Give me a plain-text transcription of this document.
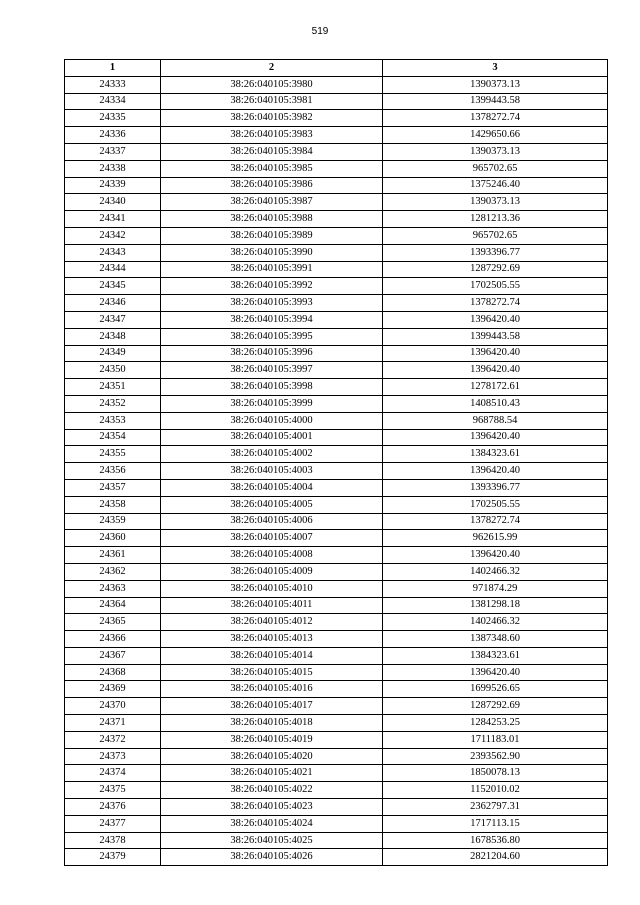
519
1	2	3
24333	38:26:040105:3980	1390373.13
24334	38:26:040105:3981	1399443.58
24335	38:26:040105:3982	1378272.74
24336	38:26:040105:3983	1429650.66
24337	38:26:040105:3984	1390373.13
24338	38:26:040105:3985	965702.65
24339	38:26:040105:3986	1375246.40
24340	38:26:040105:3987	1390373.13
24341	38:26:040105:3988	1281213.36
24342	38:26:040105:3989	965702.65
24343	38:26:040105:3990	1393396.77
24344	38:26:040105:3991	1287292.69
24345	38:26:040105:3992	1702505.55
24346	38:26:040105:3993	1378272.74
24347	38:26:040105:3994	1396420.40
24348	38:26:040105:3995	1399443.58
24349	38:26:040105:3996	1396420.40
24350	38:26:040105:3997	1396420.40
24351	38:26:040105:3998	1278172.61
24352	38:26:040105:3999	1408510.43
24353	38:26:040105:4000	968788.54
24354	38:26:040105:4001	1396420.40
24355	38:26:040105:4002	1384323.61
24356	38:26:040105:4003	1396420.40
24357	38:26:040105:4004	1393396.77
24358	38:26:040105:4005	1702505.55
24359	38:26:040105:4006	1378272.74
24360	38:26:040105:4007	962615.99
24361	38:26:040105:4008	1396420.40
24362	38:26:040105:4009	1402466.32
24363	38:26:040105:4010	971874.29
24364	38:26:040105:4011	1381298.18
24365	38:26:040105:4012	1402466.32
24366	38:26:040105:4013	1387348.60
24367	38:26:040105:4014	1384323.61
24368	38:26:040105:4015	1396420.40
24369	38:26:040105:4016	1699526.65
24370	38:26:040105:4017	1287292.69
24371	38:26:040105:4018	1284253.25
24372	38:26:040105:4019	1711183.01
24373	38:26:040105:4020	2393562.90
24374	38:26:040105:4021	1850078.13
24375	38:26:040105:4022	1152010.02
24376	38:26:040105:4023	2362797.31
24377	38:26:040105:4024	1717113.15
24378	38:26:040105:4025	1678536.80
24379	38:26:040105:4026	2821204.60
